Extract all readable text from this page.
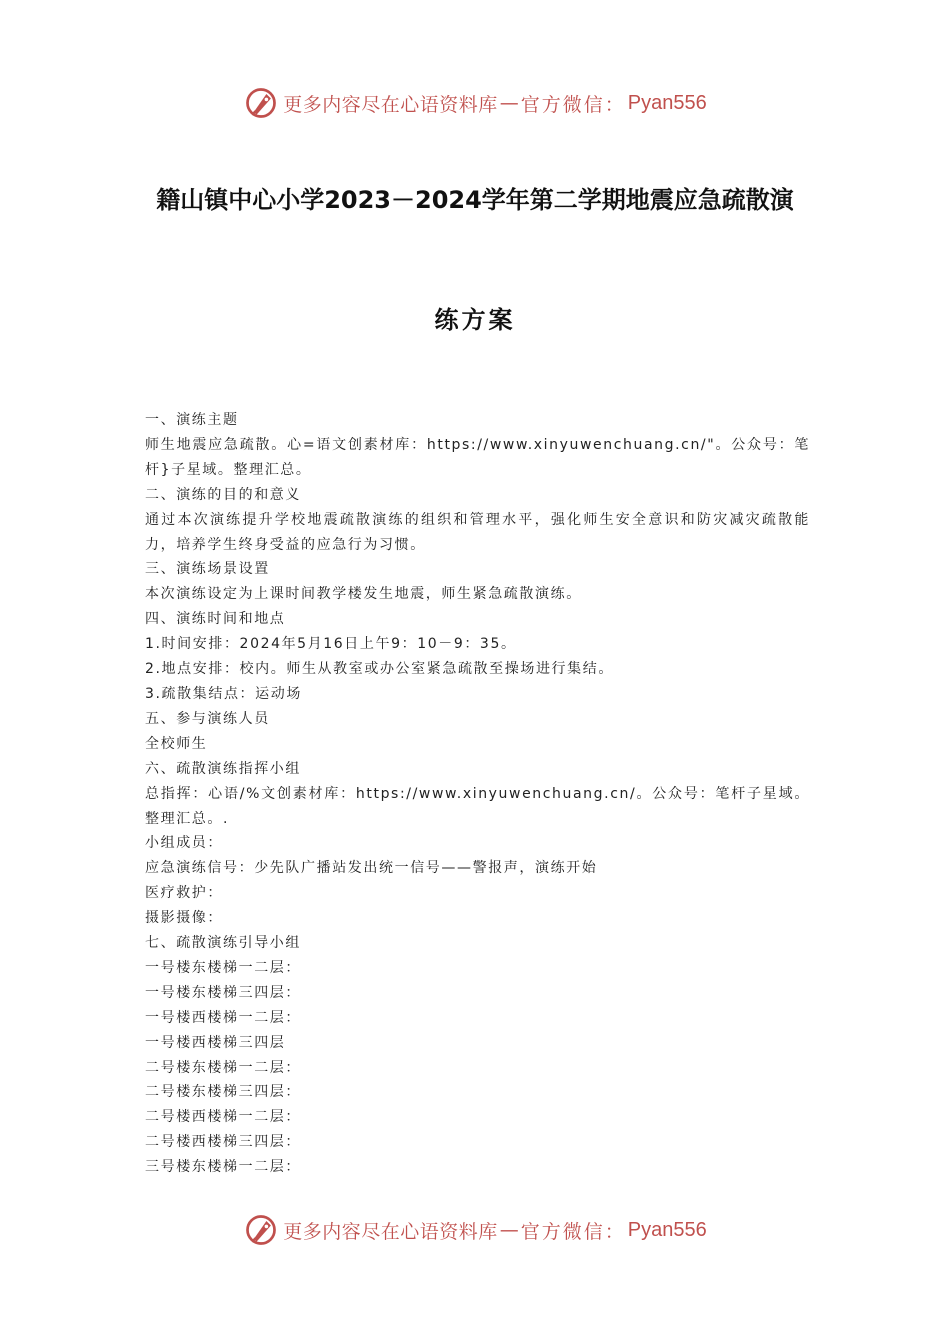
更多内容尽在心语资料库 — 官方微信： Pyan556
籍山镇中心小学2023－2024学年第二学期地震应急疏散演
练方案

一、演练主题

师生地震应急疏散。心=语文创素材库：https://www.xinyuwenchuang.cn/"。公众号：笔杆}子星域。整理汇总。

二、演练的目的和意义

通过本次演练提升学校地震疏散演练的组织和管理水平，强化师生安全意识和防灾减灾疏散能力，培养学生终身受益的应急行为习惯。

三、演练场景设置

本次演练设定为上课时间教学楼发生地震，师生紧急疏散演练。

四、演练时间和地点

1.时间安排：2024年5月16日上午9：10－9：35。

2.地点安排：校内。师生从教室或办公室紧急疏散至操场进行集结。

3.疏散集结点：运动场

五、参与演练人员

全校师生

六、疏散演练指挥小组

总指挥：心语/%文创素材库：https://www.xinyuwenchuang.cn/。公众号：笔杆子星域。整理汇总。.

小组成员：

应急演练信号：少先队广播站发出统一信号——警报声，演练开始

医疗救护：

摄影摄像：

七、疏散演练引导小组

一号楼东楼梯一二层：

一号楼东楼梯三四层：

一号楼西楼梯一二层：

一号楼西楼梯三四层

二号楼东楼梯一二层：

二号楼东楼梯三四层：

二号楼西楼梯一二层：

二号楼西楼梯三四层：

三号楼东楼梯一二层：

更多内容尽在心语资料库 — 官方微信： Pyan556
